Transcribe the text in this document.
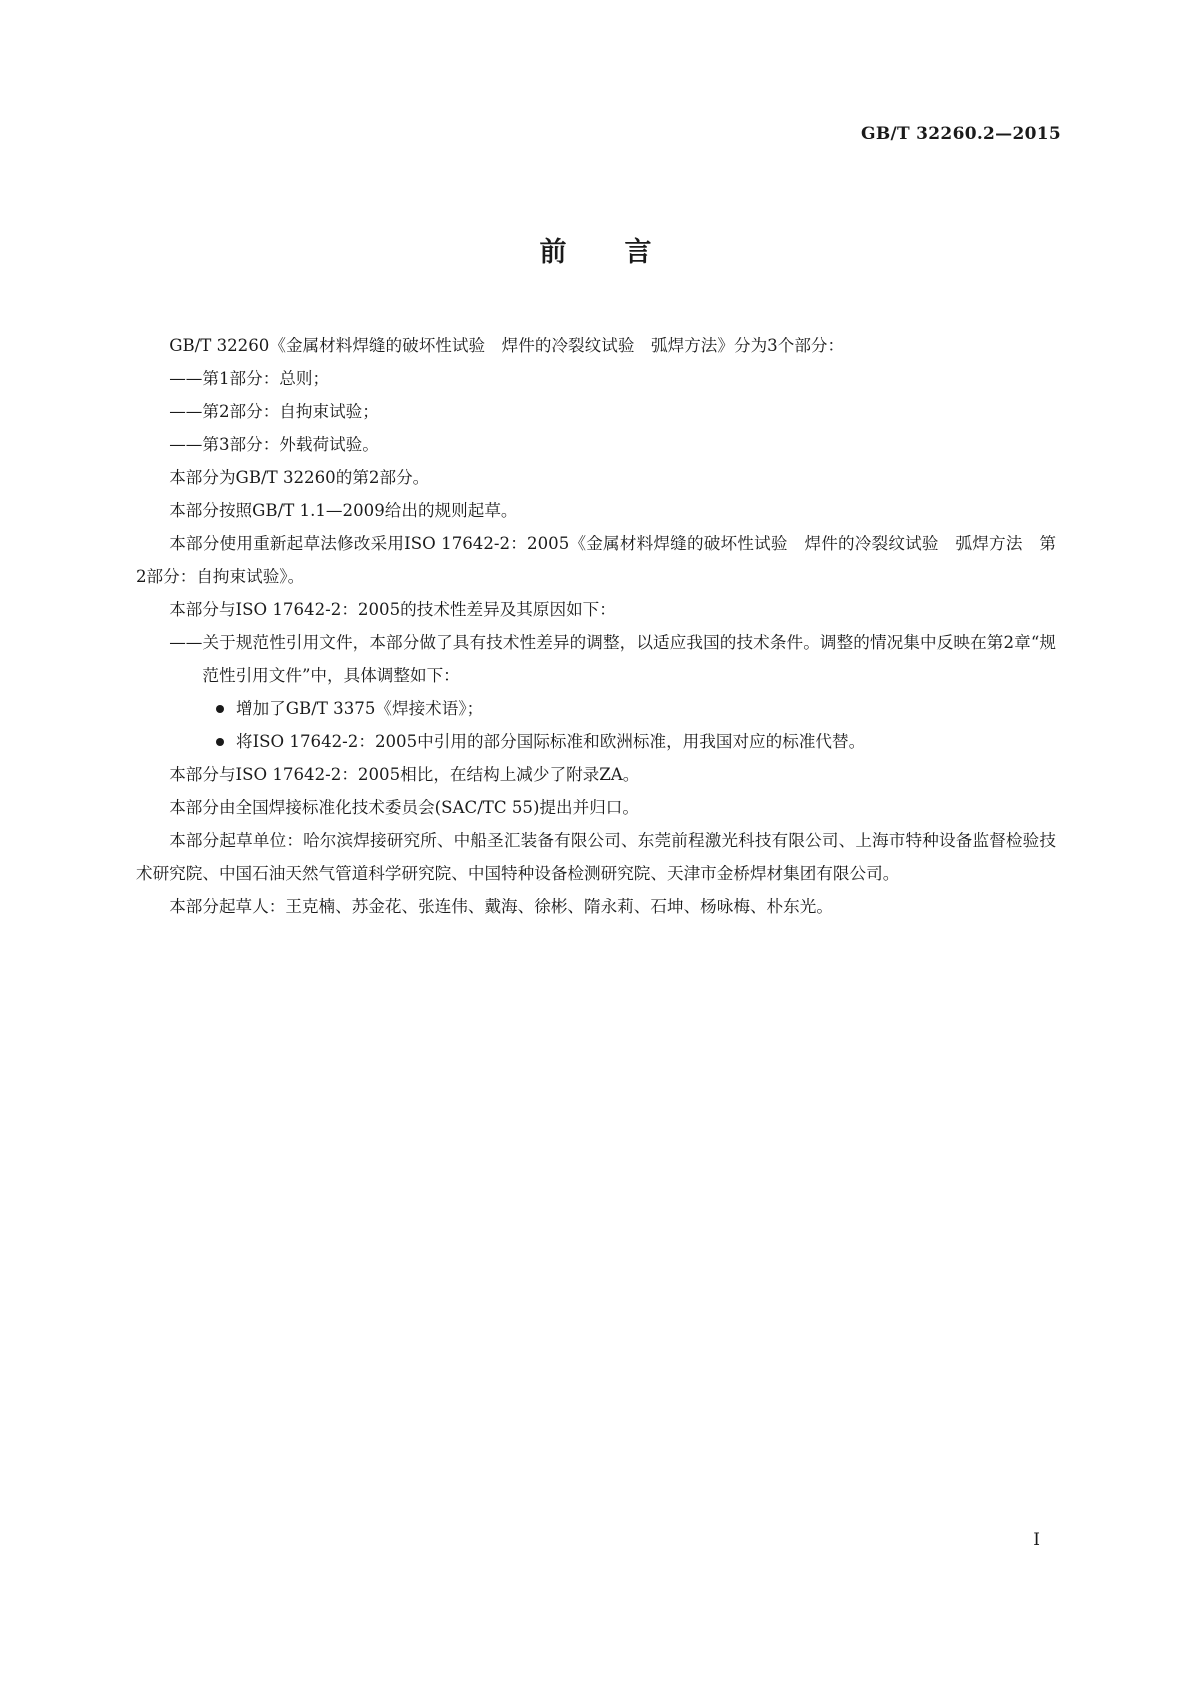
GB/T 32260.2—2015
前 言

GB/T 32260《金属材料焊缝的破坏性试验　焊件的冷裂纹试验　弧焊方法》分为3个部分：

——第1部分：总则；

——第2部分：自拘束试验；

——第3部分：外载荷试验。

本部分为GB/T 32260的第2部分。

本部分按照GB/T 1.1—2009给出的规则起草。

本部分使用重新起草法修改采用ISO 17642-2：2005《金属材料焊缝的破坏性试验　焊件的冷裂纹试验　弧焊方法　第2部分：自拘束试验》。

本部分与ISO 17642-2：2005的技术性差异及其原因如下：

——关于规范性引用文件，本部分做了具有技术性差异的调整，以适应我国的技术条件。调整的情况集中反映在第2章“规范性引用文件”中，具体调整如下：

增加了GB/T 3375《焊接术语》；

将ISO 17642-2：2005中引用的部分国际标准和欧洲标准，用我国对应的标准代替。

本部分与ISO 17642-2：2005相比，在结构上减少了附录ZA。

本部分由全国焊接标准化技术委员会(SAC/TC 55)提出并归口。

本部分起草单位：哈尔滨焊接研究所、中船圣汇装备有限公司、东莞前程激光科技有限公司、上海市特种设备监督检验技术研究院、中国石油天然气管道科学研究院、中国特种设备检测研究院、天津市金桥焊材集团有限公司。

本部分起草人：王克楠、苏金花、张连伟、戴海、徐彬、隋永莉、石坤、杨咏梅、朴东光。

I
